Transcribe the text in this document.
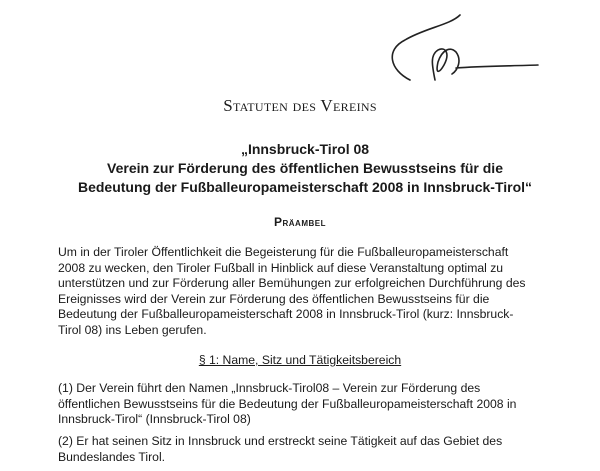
Statuten des Vereins
„Innsbruck-Tirol 08
Verein zur Förderung des öffentlichen Bewusstseins für die
Bedeutung der Fußballeuropameisterschaft 2008 in Innsbruck-Tirol“
Präambel
Um in der Tiroler Öffentlichkeit die Begeisterung für die Fußballeuropameisterschaft
2008 zu wecken, den Tiroler Fußball in Hinblick auf diese Veranstaltung optimal zu
unterstützen und zur Förderung aller Bemühungen zur erfolgreichen Durchführung des
Ereignisses wird der Verein zur Förderung des öffentlichen Bewusstseins für die
Bedeutung der Fußballeuropameisterschaft 2008 in Innsbruck-Tirol (kurz: Innsbruck-
Tirol 08) ins Leben gerufen.
§ 1: Name, Sitz und Tätigkeitsbereich
(1) Der Verein führt den Namen „Innsbruck-Tirol08 – Verein zur Förderung des
öffentlichen Bewusstseins für die Bedeutung der Fußballeuropameisterschaft 2008 in
Innsbruck-Tirol“ (Innsbruck-Tirol 08)
(2) Er hat seinen Sitz in Innsbruck und erstreckt seine Tätigkeit auf das Gebiet des
Bundeslandes Tirol.
